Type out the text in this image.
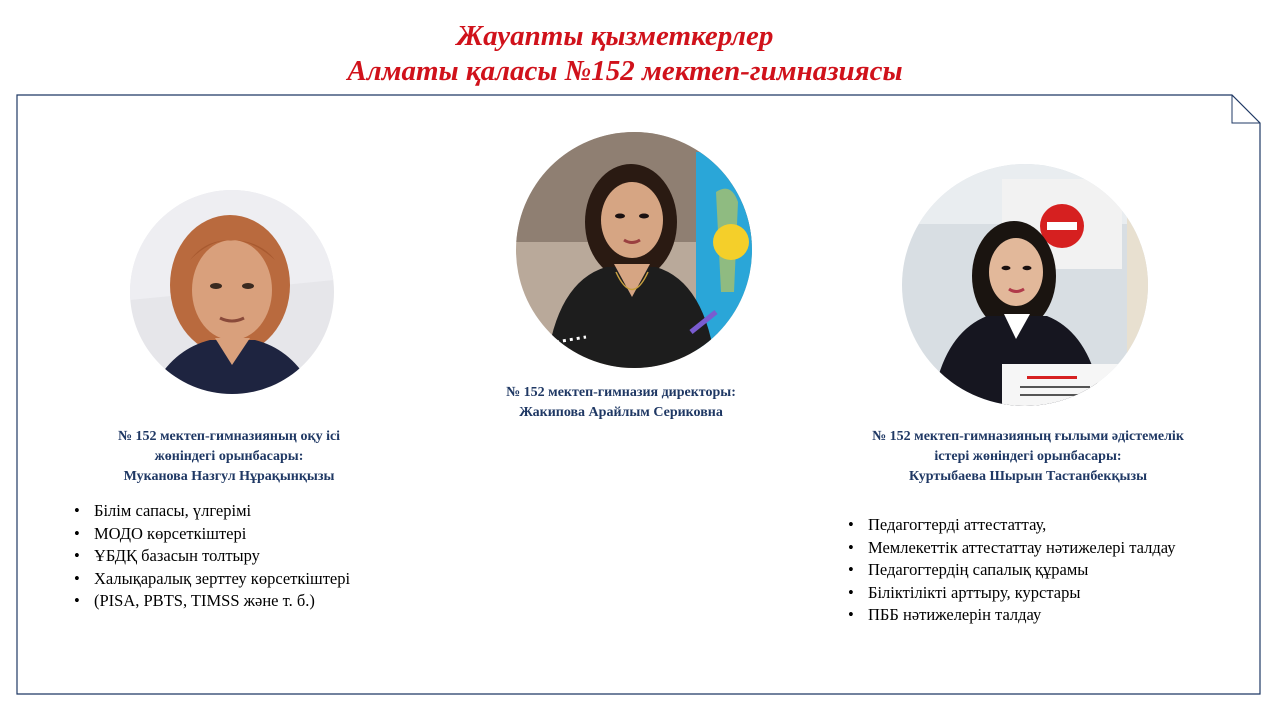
Жауапты қызметкерлер
Алматы қаласы №152 мектеп-гимназиясы
№ 152 мектеп-гимназия директоры:
Жакипова Арайлым Сериковна
№ 152 мектеп-гимназияның оқу ісі
жөніндегі орынбасары:
Муканова Назгул Нұрақынқызы
№ 152 мектеп-гимназияның ғылыми әдістемелік
істері жөніндегі орынбасары:
Куртыбаева Шырын Тастанбекқызы
• Білім сапасы, үлгерімі
• МОДО көрсеткіштері
• ҰБДҚ базасын толтыру
• Халықаралық зерттеу көрсеткіштері
• (PISA, PBTS, TIMSS және т. б.)
• Педагогтерді аттестаттау,
• Мемлекеттік аттестаттау нәтижелері талдау
• Педагогтердің сапалық құрамы
• Біліктілікті арттыру, курстары
• ПББ нәтижелерін талдау
